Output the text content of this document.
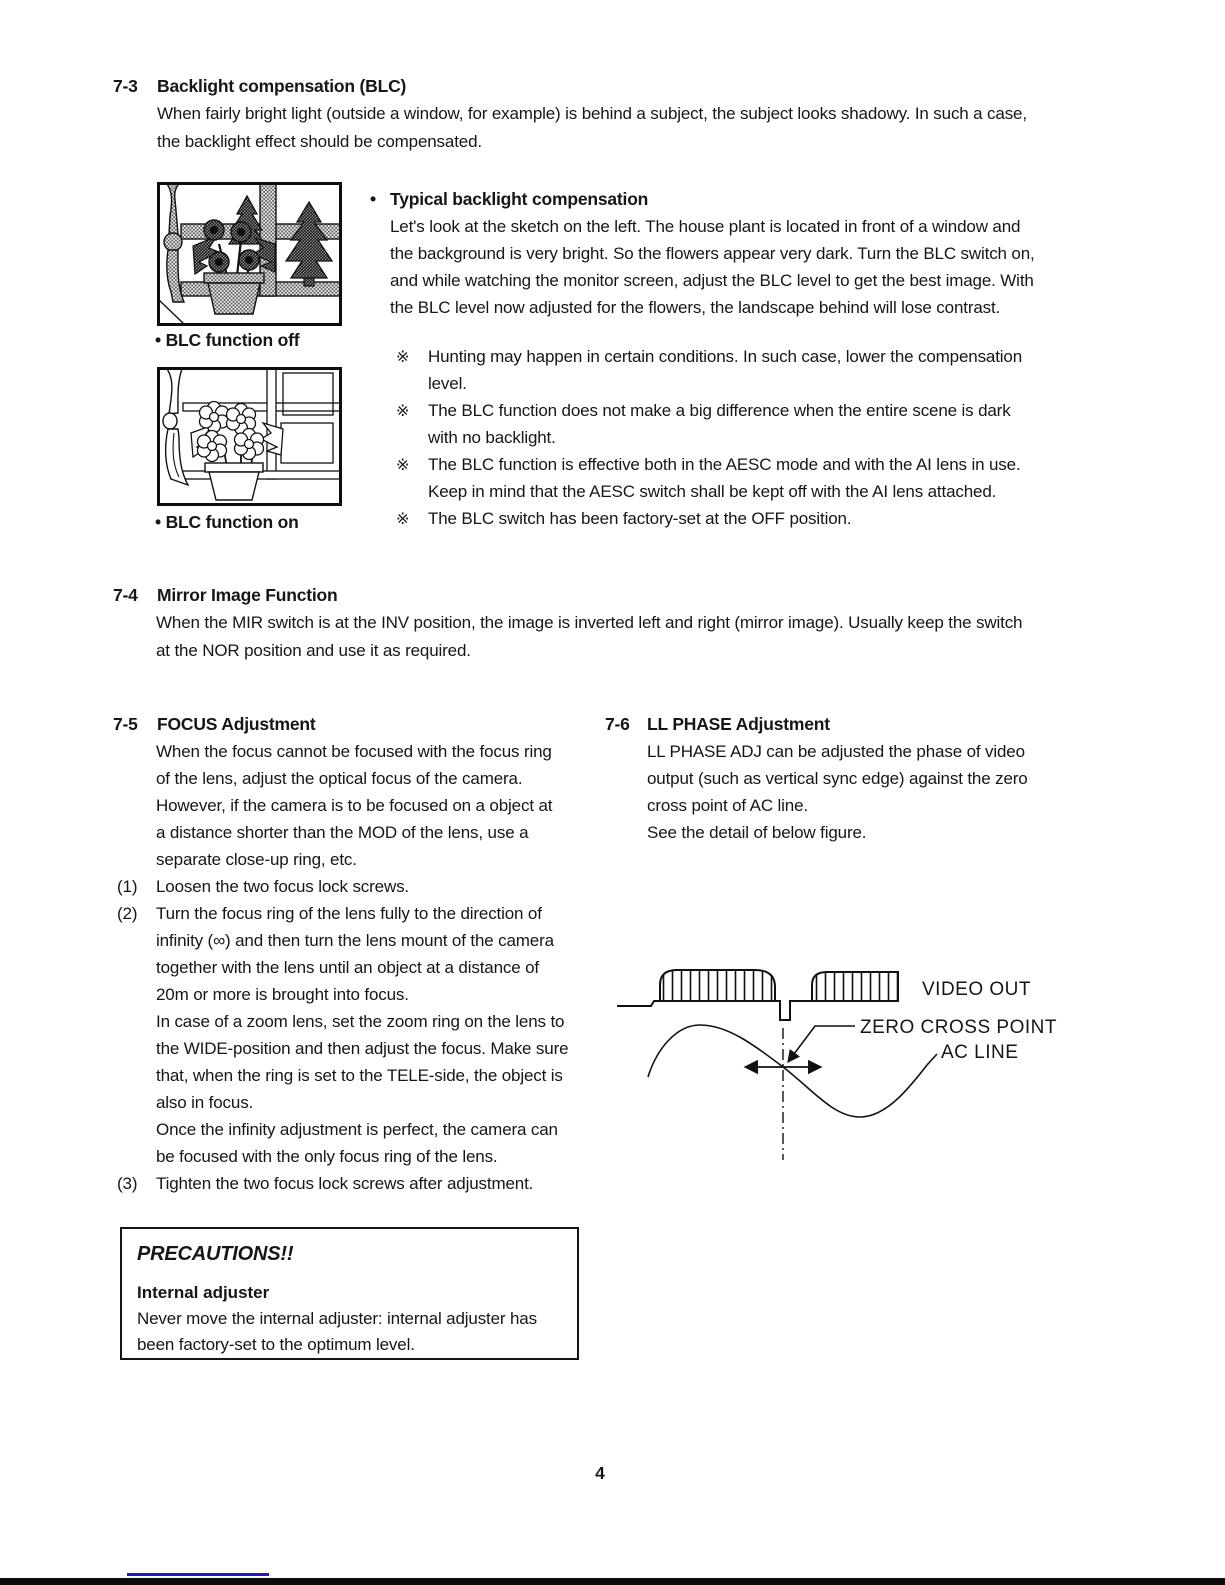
7-3	Backlight compensation (BLC)
When fairly bright light (outside a window, for example) is behind a subject, the subject looks shadowy. In such a case,
the backlight effect should be compensated.
• BLC function off
• BLC function on
• Typical backlight compensation
Let's look at the sketch on the left. The house plant is located in front of a window and
the background is very bright. So the flowers appear very dark. Turn the BLC switch on,
and while watching the monitor screen, adjust the BLC level to get the best image. With
the BLC level now adjusted for the flowers, the landscape behind will lose contrast.
※	Hunting may happen in certain conditions. In such case, lower the compensation
level.
※	The BLC function does not make a big difference when the entire scene is dark
with no backlight.
※	The BLC function is effective both in the AESC mode and with the AI lens in use.
Keep in mind that the AESC switch shall be kept off with the AI lens attached.
※	The BLC switch has been factory-set at the OFF position.
7-4	Mirror Image Function
When the MIR switch is at the INV position, the image is inverted left and right (mirror image). Usually keep the switch
at the NOR position and use it as required.
7-5	FOCUS Adjustment
When the focus cannot be focused with the focus ring
of the lens, adjust the optical focus of the camera.
However, if the camera is to be focused on a object at
a distance shorter than the MOD of the lens, use a
separate close-up ring, etc.
(1)	Loosen the two focus lock screws.
(2)	Turn the focus ring of the lens fully to the direction of
infinity (∞) and then turn the lens mount of the camera
together with the lens until an object at a distance of
20m or more is brought into focus.
In case of a zoom lens, set the zoom ring on the lens to
the WIDE-position and then adjust the focus. Make sure
that, when the ring is set to the TELE-side, the object is
also in focus.
Once the infinity adjustment is perfect, the camera can
be focused with the only focus ring of the lens.
(3)	Tighten the two focus lock screws after adjustment.
7-6 LL PHASE Adjustment
LL PHASE ADJ can be adjusted the phase of video
output (such as vertical sync edge) against the zero
cross point of AC line.
See the detail of below figure.
VIDEO OUT
ZERO CROSS POINT
AC LINE
PRECAUTIONS!!
Internal adjuster
Never move the internal adjuster: internal adjuster has
been factory-set to the optimum level.
4
